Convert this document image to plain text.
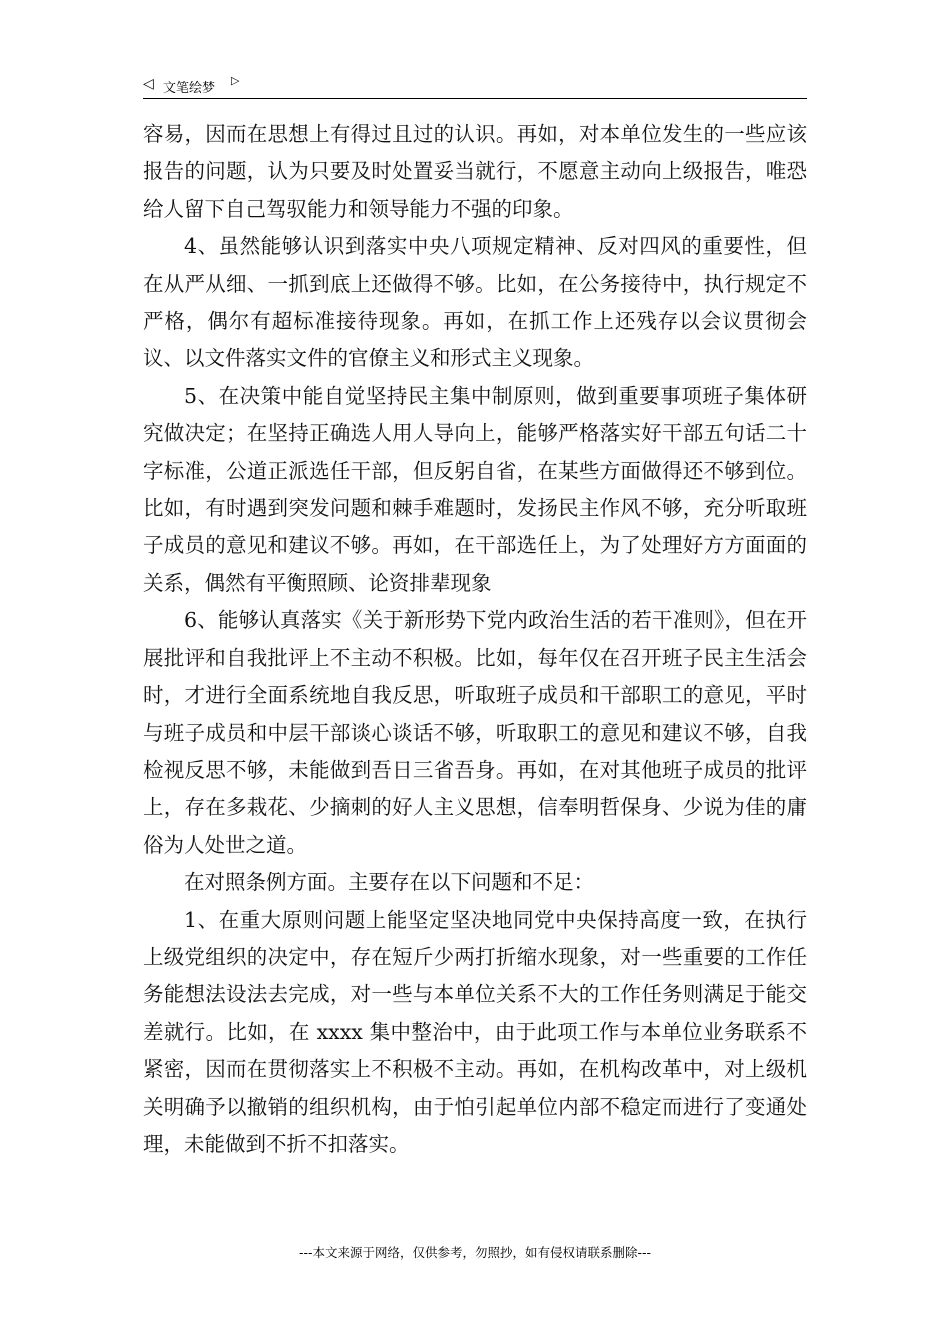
◁ 文笔绘梦
▷

容易，因而在思想上有得过且过的认识。再如，对本单位发生的一些应该报告的问题，认为只要及时处置妥当就行，不愿意主动向上级报告，唯恐给人留下自己驾驭能力和领导能力不强的印象。

4、虽然能够认识到落实中央八项规定精神、反对四风的重要性，但在从严从细、一抓到底上还做得不够。比如，在公务接待中，执行规定不严格，偶尔有超标准接待现象。再如，在抓工作上还残存以会议贯彻会议、以文件落实文件的官僚主义和形式主义现象。

5、在决策中能自觉坚持民主集中制原则，做到重要事项班子集体研究做决定；在坚持正确选人用人导向上，能够严格落实好干部五句话二十字标准，公道正派选任干部，但反躬自省，在某些方面做得还不够到位。比如，有时遇到突发问题和棘手难题时，发扬民主作风不够，充分听取班子成员的意见和建议不够。再如，在干部选任上，为了处理好方方面面的关系，偶然有平衡照顾、论资排辈现象

6、能够认真落实《关于新形势下党内政治生活的若干准则》，但在开展批评和自我批评上不主动不积极。比如，每年仅在召开班子民主生活会时，才进行全面系统地自我反思，听取班子成员和干部职工的意见，平时与班子成员和中层干部谈心谈话不够，听取职工的意见和建议不够，自我检视反思不够，未能做到吾日三省吾身。再如，在对其他班子成员的批评上，存在多栽花、少摘刺的好人主义思想，信奉明哲保身、少说为佳的庸俗为人处世之道。

在对照条例方面。主要存在以下问题和不足：

1、在重大原则问题上能坚定坚决地同党中央保持高度一致，在执行上级党组织的决定中，存在短斤少两打折缩水现象，对一些重要的工作任务能想法设法去完成，对一些与本单位关系不大的工作任务则满足于能交差就行。比如，在 xxxx 集中整治中，由于此项工作与本单位业务联系不紧密，因而在贯彻落实上不积极不主动。再如，在机构改革中，对上级机关明确予以撤销的组织机构，由于怕引起单位内部不稳定而进行了变通处理，未能做到不折不扣落实。

---本文来源于网络，仅供参考，勿照抄，如有侵权请联系删除---
